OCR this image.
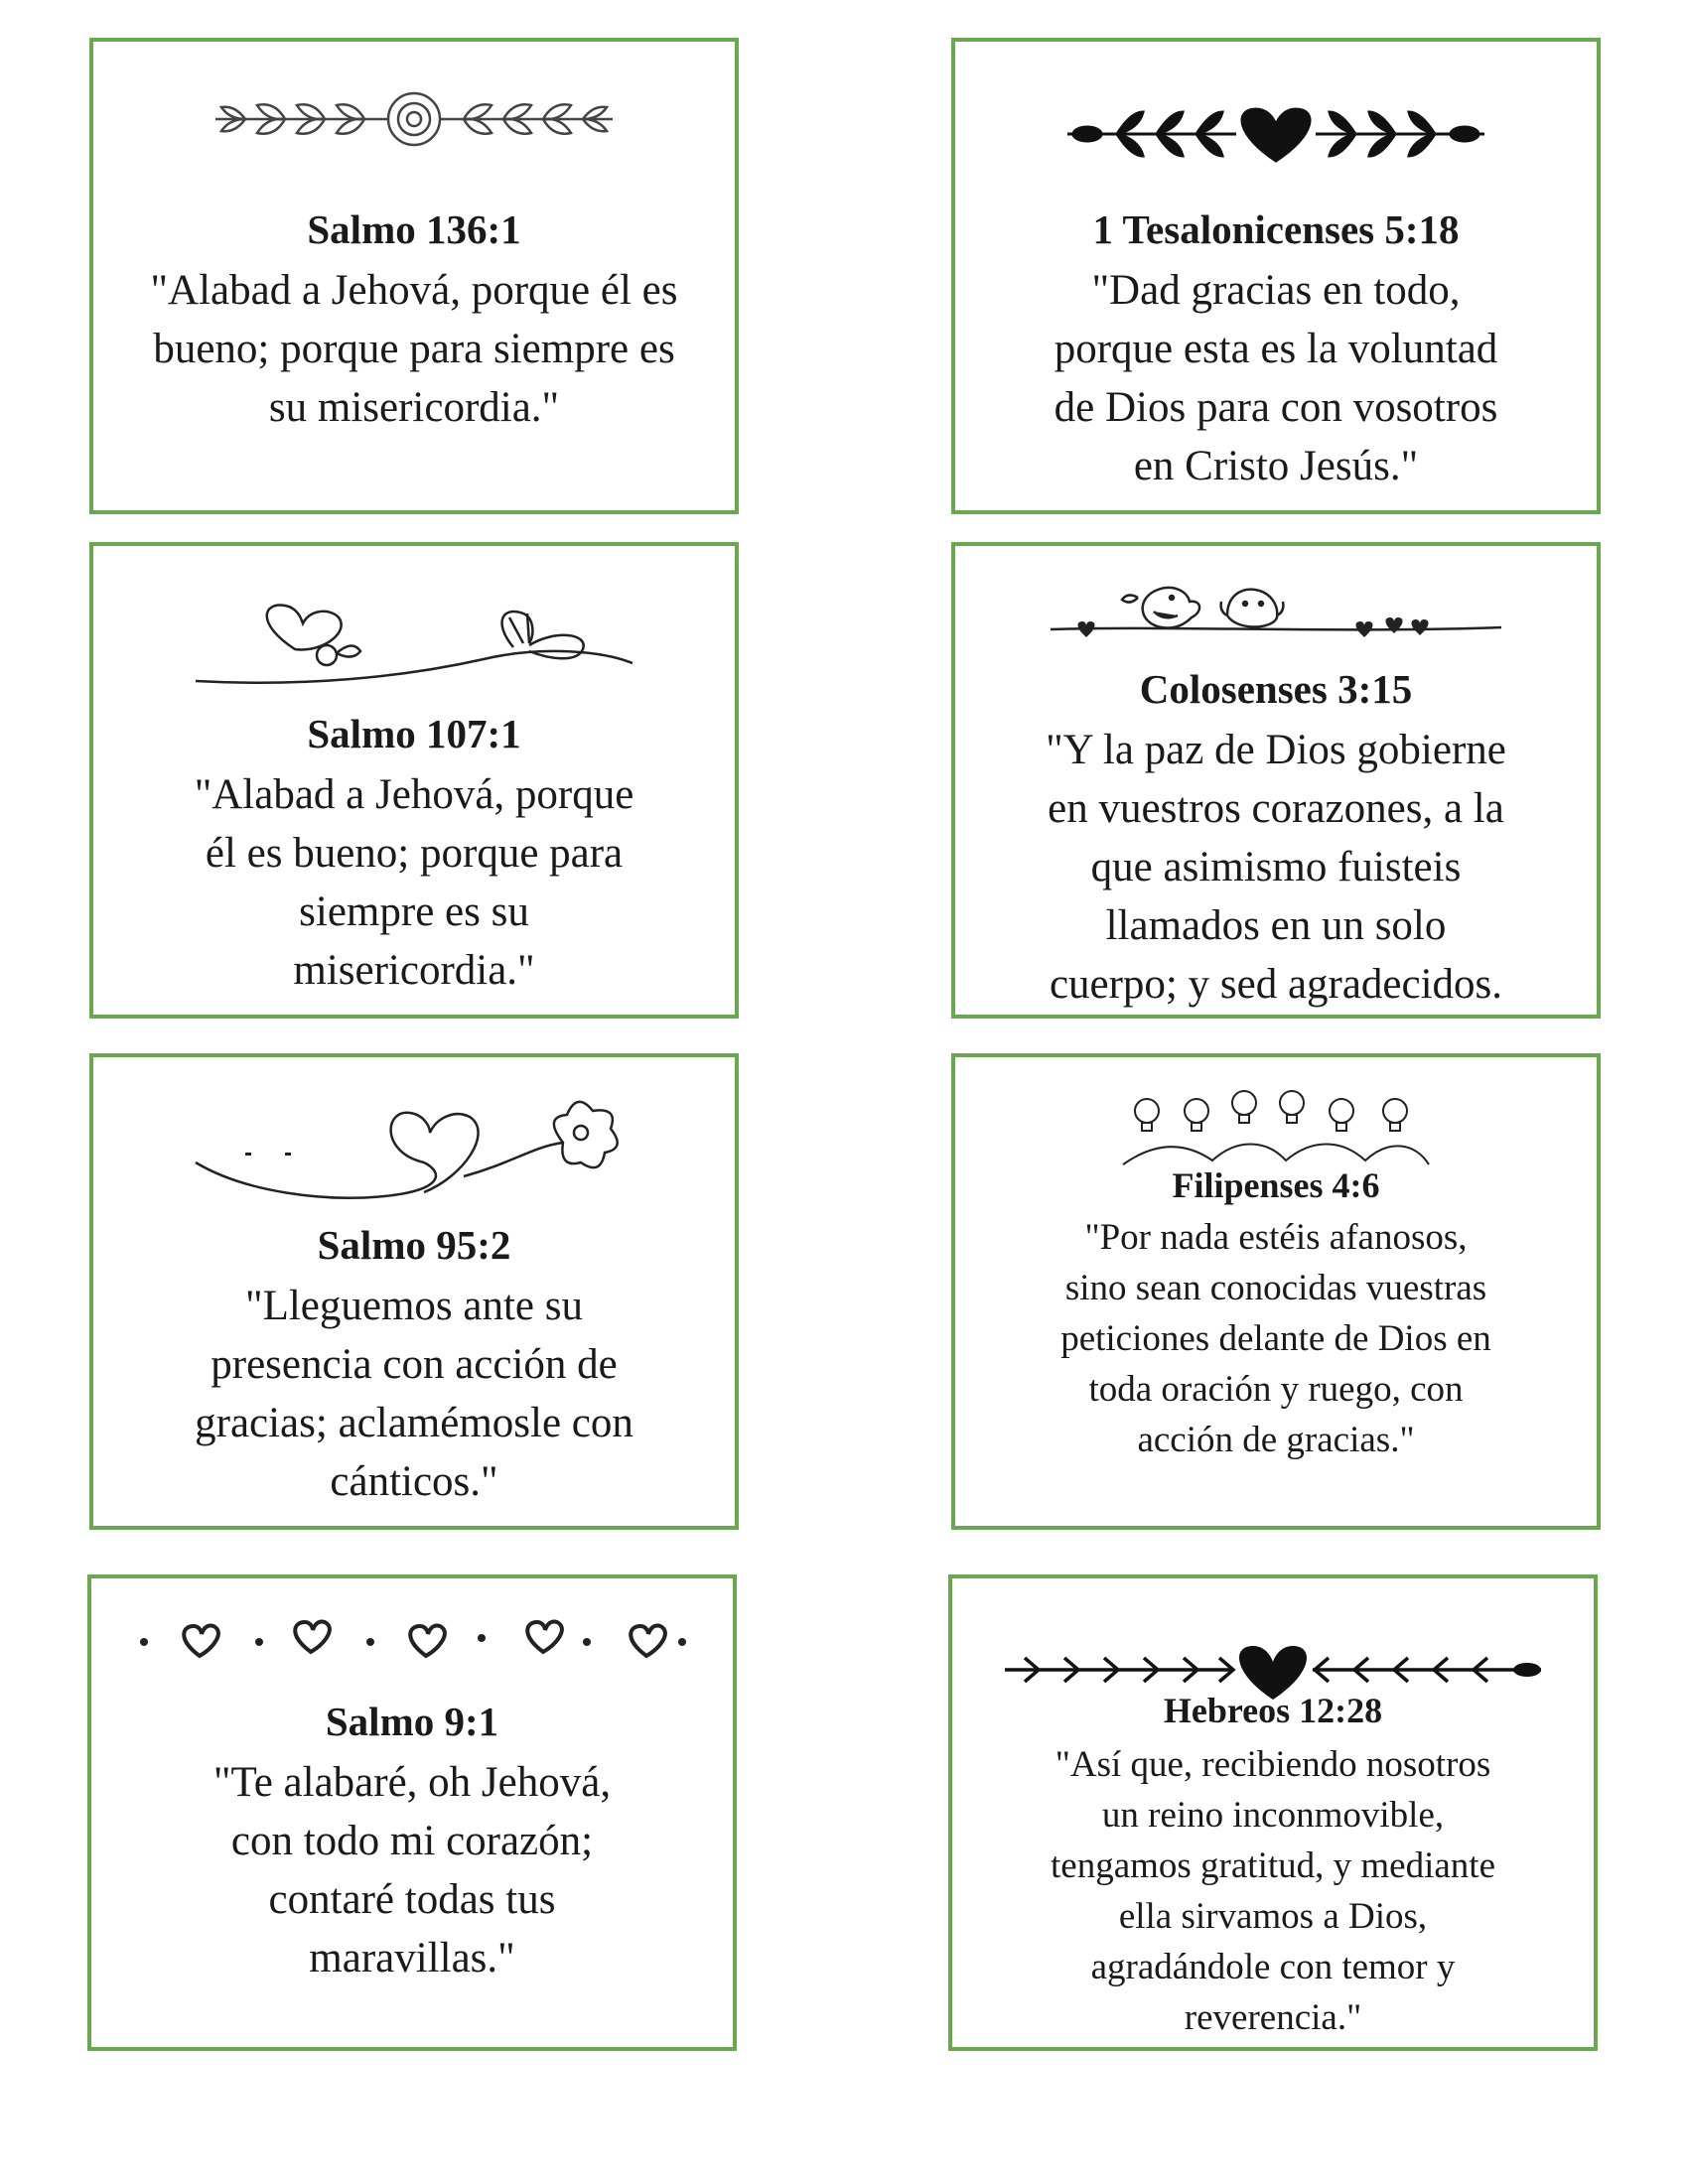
Salmo 136:1
"Alabad a Jehová, porque él es
bueno; porque para siempre es
su misericordia."
1 Tesalonicenses 5:18
"Dad gracias en todo,
porque esta es la voluntad
de Dios para con vosotros
en Cristo Jesús."
Salmo 107:1
"Alabad a Jehová, porque
él es bueno; porque para
siempre es su
misericordia."
Colosenses 3:15
"Y la paz de Dios gobierne
en vuestros corazones, a la
que asimismo fuisteis
llamados en un solo
cuerpo; y sed agradecidos.
Salmo 95:2
"Lleguemos ante su
presencia con acción de
gracias; aclamémosle con
cánticos."
Filipenses 4:6
"Por nada estéis afanosos,
sino sean conocidas vuestras
peticiones delante de Dios en
toda oración y ruego, con
acción de gracias."
Salmo 9:1
"Te alabaré, oh Jehová,
con todo mi corazón;
contaré todas tus
maravillas."
Hebreos 12:28
"Así que, recibiendo nosotros
un reino inconmovible,
tengamos gratitud, y mediante
ella sirvamos a Dios,
agradándole con temor y
reverencia."
